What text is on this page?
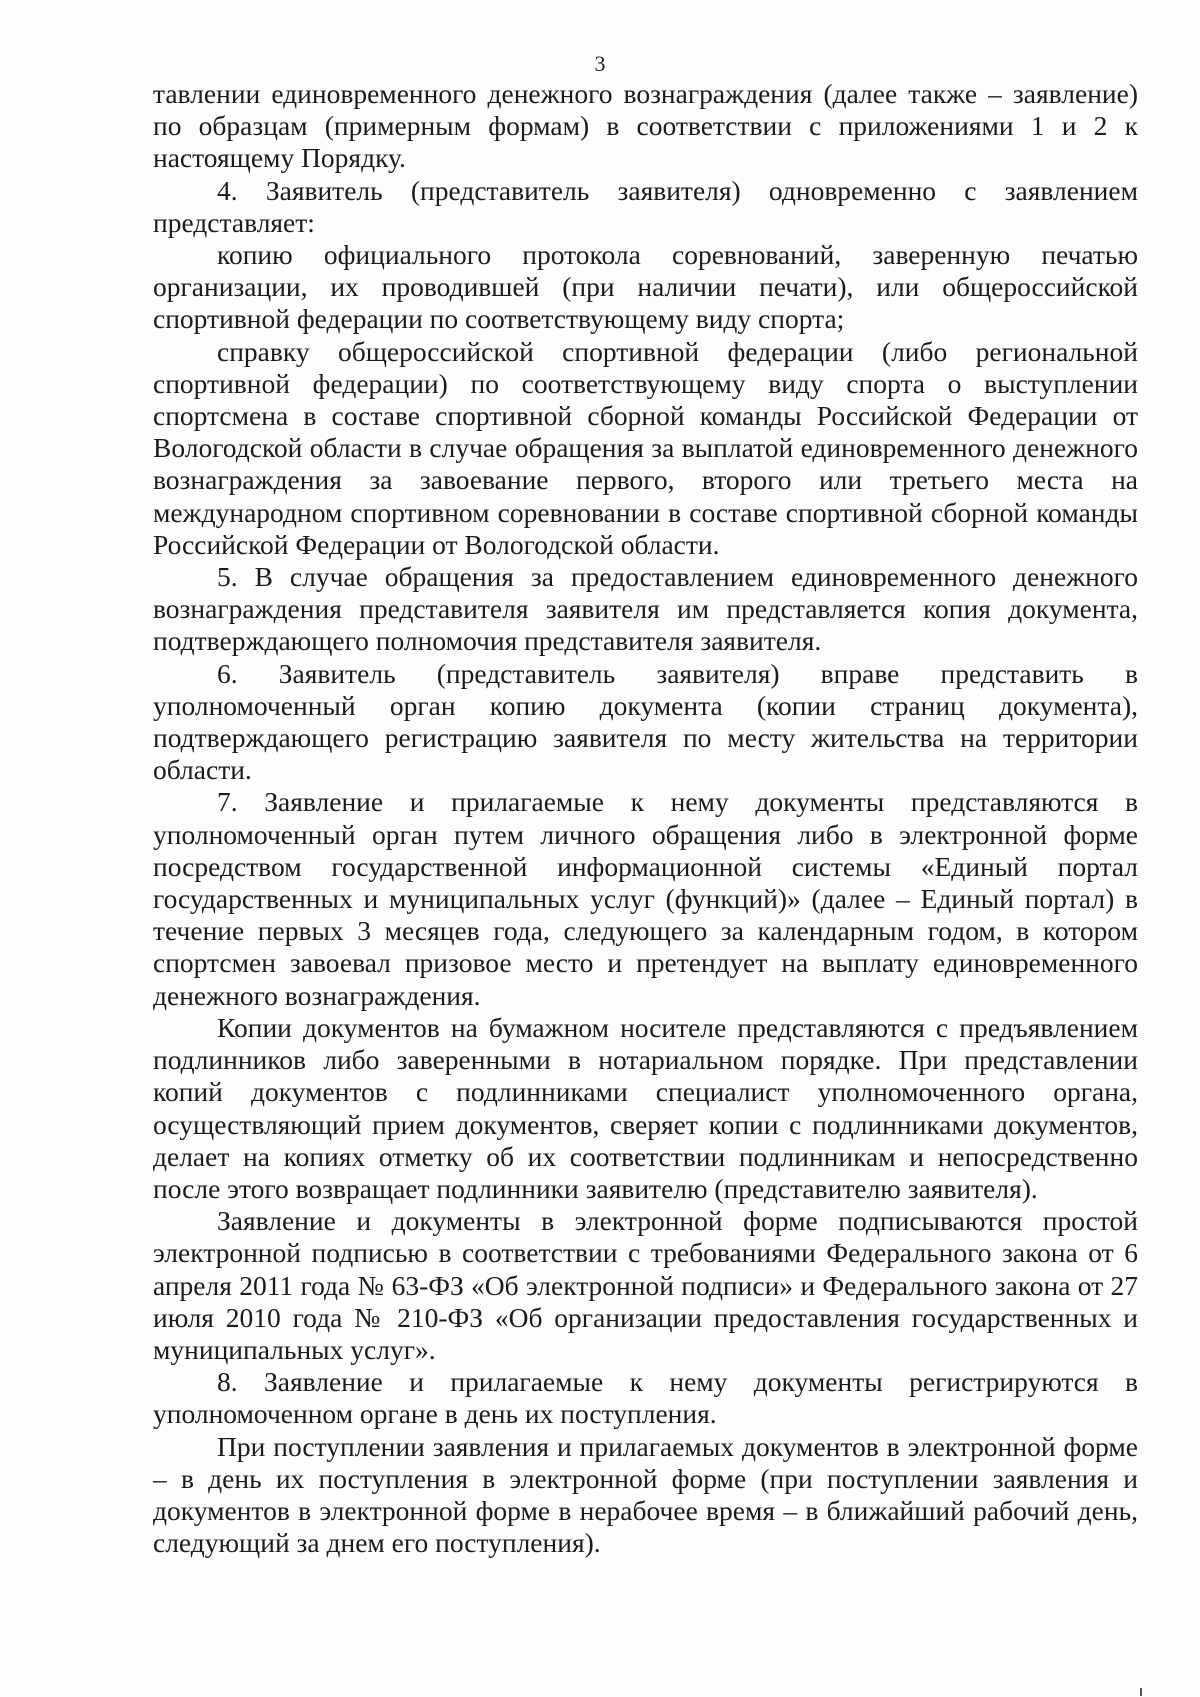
3

тавлении единовременного денежного вознаграждения (далее также – заявление) по образцам (примерным формам) в соответствии с приложениями 1 и 2 к настоящему Порядку.

4. Заявитель (представитель заявителя) одновременно с заявлением представляет:

копию официального протокола соревнований, заверенную печатью организации, их проводившей (при наличии печати), или общероссийской спортивной федерации по соответствующему виду спорта;

справку общероссийской спортивной федерации (либо региональной спортивной федерации) по соответствующему виду спорта о выступлении спортсмена в составе спортивной сборной команды Российской Федерации от Вологодской области в случае обращения за выплатой единовременного денежного вознаграждения за завоевание первого, второго или третьего места на международном спортивном соревновании в составе спортивной сборной команды Российской Федерации от Вологодской области.

5. В случае обращения за предоставлением единовременного денежного вознаграждения представителя заявителя им представляется копия документа, подтверждающего полномочия представителя заявителя.

6. Заявитель (представитель заявителя) вправе представить в уполномоченный орган копию документа (копии страниц документа), подтверждающего регистрацию заявителя по месту жительства на территории области.

7. Заявление и прилагаемые к нему документы представляются в уполномоченный орган путем личного обращения либо в электронной форме посредством государственной информационной системы «Единый портал государственных и муниципальных услуг (функций)» (далее – Единый портал) в течение первых 3 месяцев года, следующего за календарным годом, в котором спортсмен завоевал призовое место и претендует на выплату единовременного денежного вознаграждения.

Копии документов на бумажном носителе представляются с предъявлением подлинников либо заверенными в нотариальном порядке. При представлении копий документов с подлинниками специалист уполномоченного органа, осуществляющий прием документов, сверяет копии с подлинниками документов, делает на копиях отметку об их соответствии подлинникам и непосредственно после этого возвращает подлинники заявителю (представителю заявителя).

Заявление и документы в электронной форме подписываются простой электронной подписью в соответствии с требованиями Федерального закона от 6 апреля 2011 года № 63-ФЗ «Об электронной подписи» и Федерального закона от 27 июля 2010 года № 210-ФЗ «Об организации предоставления государственных и муниципальных услуг».

8. Заявление и прилагаемые к нему документы регистрируются в уполномоченном органе в день их поступления.

При поступлении заявления и прилагаемых документов в электронной форме – в день их поступления в электронной форме (при поступлении заявления и документов в электронной форме в нерабочее время – в ближайший рабочий день, следующий за днем его поступления).
